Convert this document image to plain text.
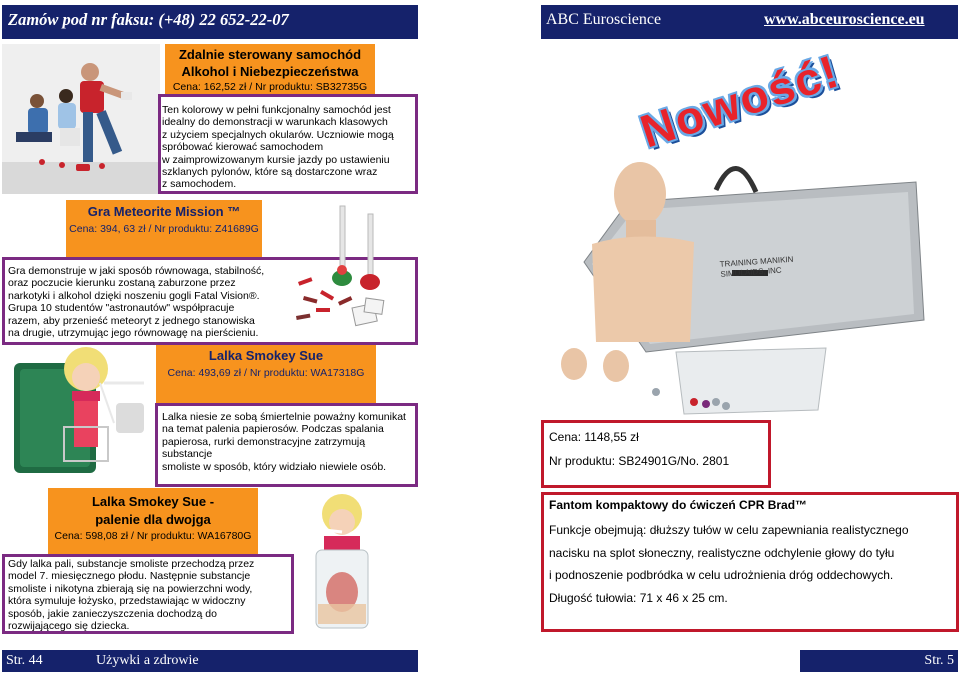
Zamów pod nr faksu: (+48) 22 652-22-07	ABC Euroscience	www.abceuroscience.eu
Zdalnie sterowany samochód
Alkohol i Niebezpieczeństwa
Cena: 162,52 zł / Nr produktu: SB32735G
Ten kolorowy w pełni funkcjonalny samochód jest
idealny do demonstracji w warunkach klasowych
z użyciem specjalnych okularów. Uczniowie mogą
spróbować kierować samochodem
w zaimprowizowanym kursie jazdy po ustawieniu
szklanych pylonów, które są dostarczone wraz
z samochodem.
Gra Meteorite Mission ™
Cena: 394, 63 zł / Nr produktu: Z41689G
Gra demonstruje w jaki sposób równowaga, stabilność,
oraz poczucie kierunku zostaną zaburzone przez
narkotyki i alkohol dzięki noszeniu gogli Fatal Vision®.
Grupa 10 studentów "astronautów" współpracuje
razem, aby przenieść meteoryt z jednego stanowiska
na drugie, utrzymując jego równowagę na pierścieniu.
Lalka Smokey Sue
Cena: 493,69 zł / Nr produktu: WA17318G
Lalka niesie ze sobą śmiertelnie poważny komunikat
na temat palenia papierosów. Podczas spalania
papierosa, rurki demonstracyjne zatrzymują substancje
smoliste w sposób, który widziało niewiele osób.
Lalka Smokey Sue -
palenie dla dwojga
Cena: 598,08 zł / Nr produktu: WA16780G
Gdy lalka pali, substancje smoliste przechodzą przez
model 7. miesięcznego płodu. Następnie substancje
smoliste i nikotyna zbierają się na powierzchni wody,
która symuluje łożysko, przedstawiając w widoczny
sposób, jakie zanieczyszczenia dochodzą do
rozwijającego się dziecka.
Nowość!
TRAINING MANIKIN SIMULAIDS, INC
Cena: 1148,55 zł
Nr produktu: SB24901G/No. 2801
Fantom kompaktowy do ćwiczeń CPR Brad™
Funkcje obejmują: dłuższy tułów w celu zapewniania realistycznego
nacisku na splot słoneczny, realistyczne odchylenie głowy do tyłu
i podnoszenie podbródka w celu udrożnienia dróg oddechowych.
Długość tułowia: 71 x 46 x 25 cm.
Str. 44	Używki a zdrowie	Str. 5
